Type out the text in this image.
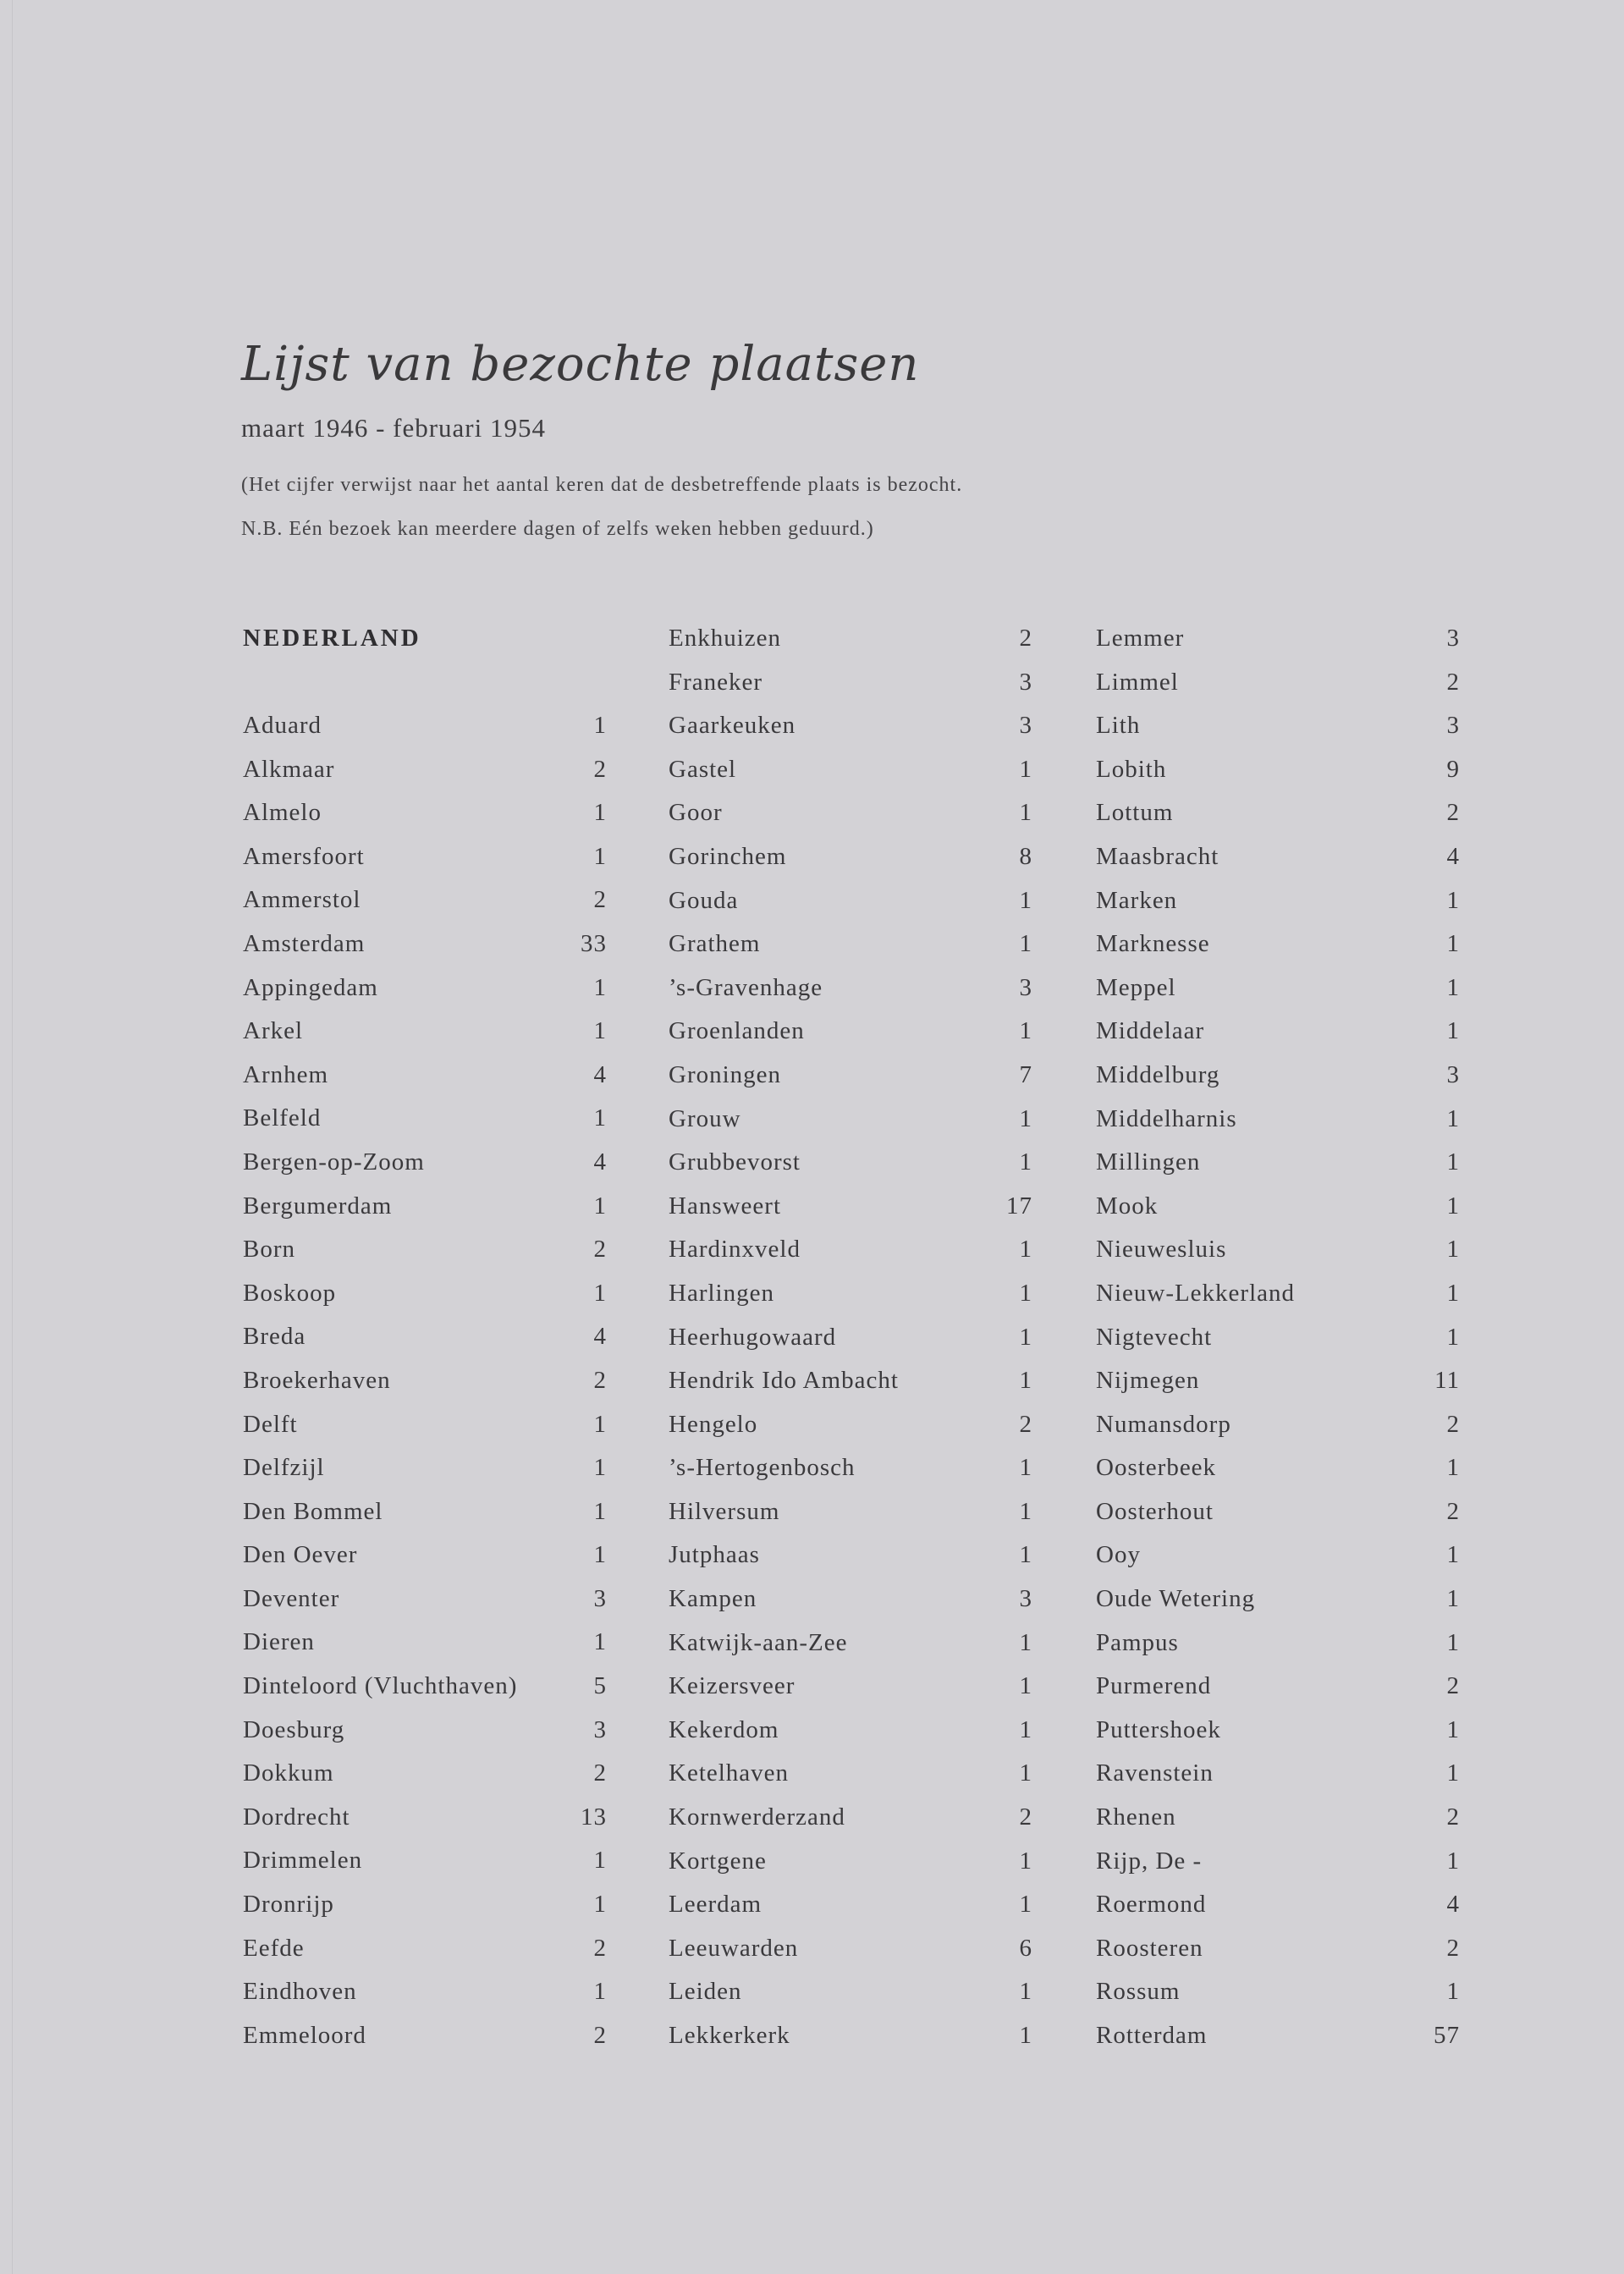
Lijst van bezochte plaatsen
maart 1946 - februari 1954
(Het cijfer verwijst naar het aantal keren dat de desbetreffende plaats is bezocht.
N.B. Eén bezoek kan meerdere dagen of zelfs weken hebben geduurd.)
NEDERLAND
Aduard	1
Alkmaar	2
Almelo	1
Amersfoort	1
Ammerstol	2
Amsterdam	33
Appingedam	1
Arkel	1
Arnhem	4
Belfeld	1
Bergen-op-Zoom	4
Bergumerdam	1
Born	2
Boskoop	1
Breda	4
Broekerhaven	2
Delft	1
Delfzijl	1
Den Bommel	1
Den Oever	1
Deventer	3
Dieren	1
Dinteloord (Vluchthaven)	5
Doesburg	3
Dokkum	2
Dordrecht	13
Drimmelen	1
Dronrijp	1
Eefde	2
Eindhoven	1
Emmeloord	2
Enkhuizen	2
Franeker	3
Gaarkeuken	3
Gastel	1
Goor	1
Gorinchem	8
Gouda	1
Grathem	1
’s-Gravenhage	3
Groenlanden	1
Groningen	7
Grouw	1
Grubbevorst	1
Hansweert	17
Hardinxveld	1
Harlingen	1
Heerhugowaard	1
Hendrik Ido Ambacht	1
Hengelo	2
’s-Hertogenbosch	1
Hilversum	1
Jutphaas	1
Kampen	3
Katwijk-aan-Zee	1
Keizersveer	1
Kekerdom	1
Ketelhaven	1
Kornwerderzand	2
Kortgene	1
Leerdam	1
Leeuwarden	6
Leiden	1
Lekkerkerk	1
Lemmer	3
Limmel	2
Lith	3
Lobith	9
Lottum	2
Maasbracht	4
Marken	1
Marknesse	1
Meppel	1
Middelaar	1
Middelburg	3
Middelharnis	1
Millingen	1
Mook	1
Nieuwesluis	1
Nieuw-Lekkerland	1
Nigtevecht	1
Nijmegen	11
Numansdorp	2
Oosterbeek	1
Oosterhout	2
Ooy	1
Oude Wetering	1
Pampus	1
Purmerend	2
Puttershoek	1
Ravenstein	1
Rhenen	2
Rijp, De -	1
Roermond	4
Roosteren	2
Rossum	1
Rotterdam	57
